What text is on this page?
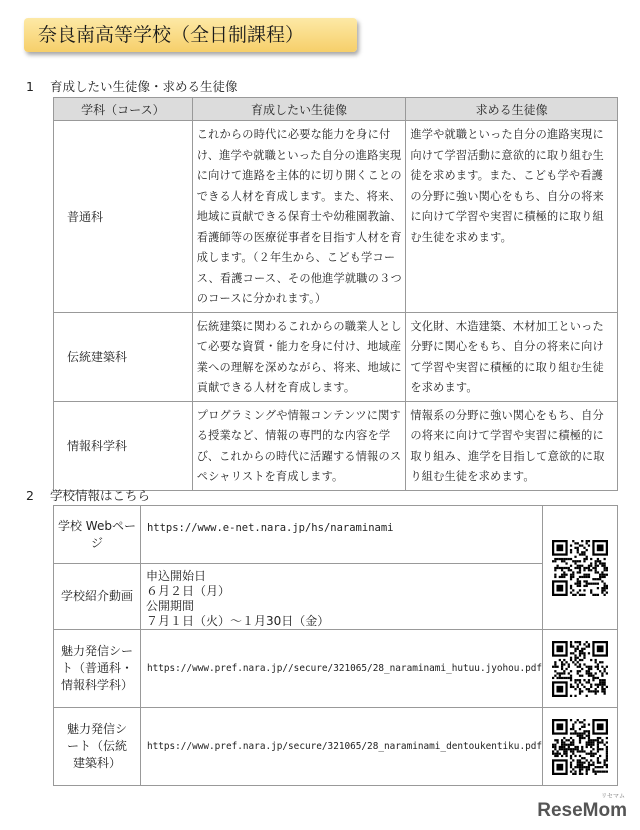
奈良南高等学校（全日制課程）
1 育成したい生徒像・求める生徒像
学科（コース）	育成したい生徒像	求める生徒像
普通科	これからの時代に必要な能力を身に付け、進学や就職といった自分の進路実現に向けて進路を主体的に切り開くことのできる人材を育成します。また、将来、地域に貢献できる保育士や幼稚園教諭、看護師等の医療従事者を目指す人材を育成します。（２年生から、こども学コース、看護コース、その他進学就職の３つのコースに分かれます。）	進学や就職といった自分の進路実現に向けて学習活動に意欲的に取り組む生徒を求めます。また、こども学や看護の分野に強い関心をもち、自分の将来に向けて学習や実習に積極的に取り組む生徒を求めます。
伝統建築科	伝統建築に関わるこれからの職業人として必要な資質・能力を身に付け、地域産業への理解を深めながら、将来、地域に貢献できる人材を育成します。	文化財、木造建築、木材加工といった分野に関心をもち、自分の将来に向けて学習や実習に積極的に取り組む生徒を求めます。
情報科学科	プログラミングや情報コンテンツに関する授業など、情報の専門的な内容を学び、これからの時代に活躍する情報のスペシャリストを育成します。	情報系の分野に強い関心をもち、自分の将来に向けて学習や実習に積極的に取り組み、進学を目指して意欲的に取り組む生徒を求めます。
2 学校情報はこちら
学校 Webページ	https://www.e-net.nara.jp/hs/naraminami	
学校紹介動画	申込開始日
６月２日（月）
公開期間
７月１日（火）～１月30日（金）	

魅力発信シート（普通科・情報科学科）	https://www.pref.nara.jp//secure/321065/28_naraminami_hutuu.jyohou.pdf	
魅力発信シート（伝統建築科）	https://www.pref.nara.jp/secure/321065/28_naraminami_dentoukentiku.pdf	
リセマム
ReseMom
